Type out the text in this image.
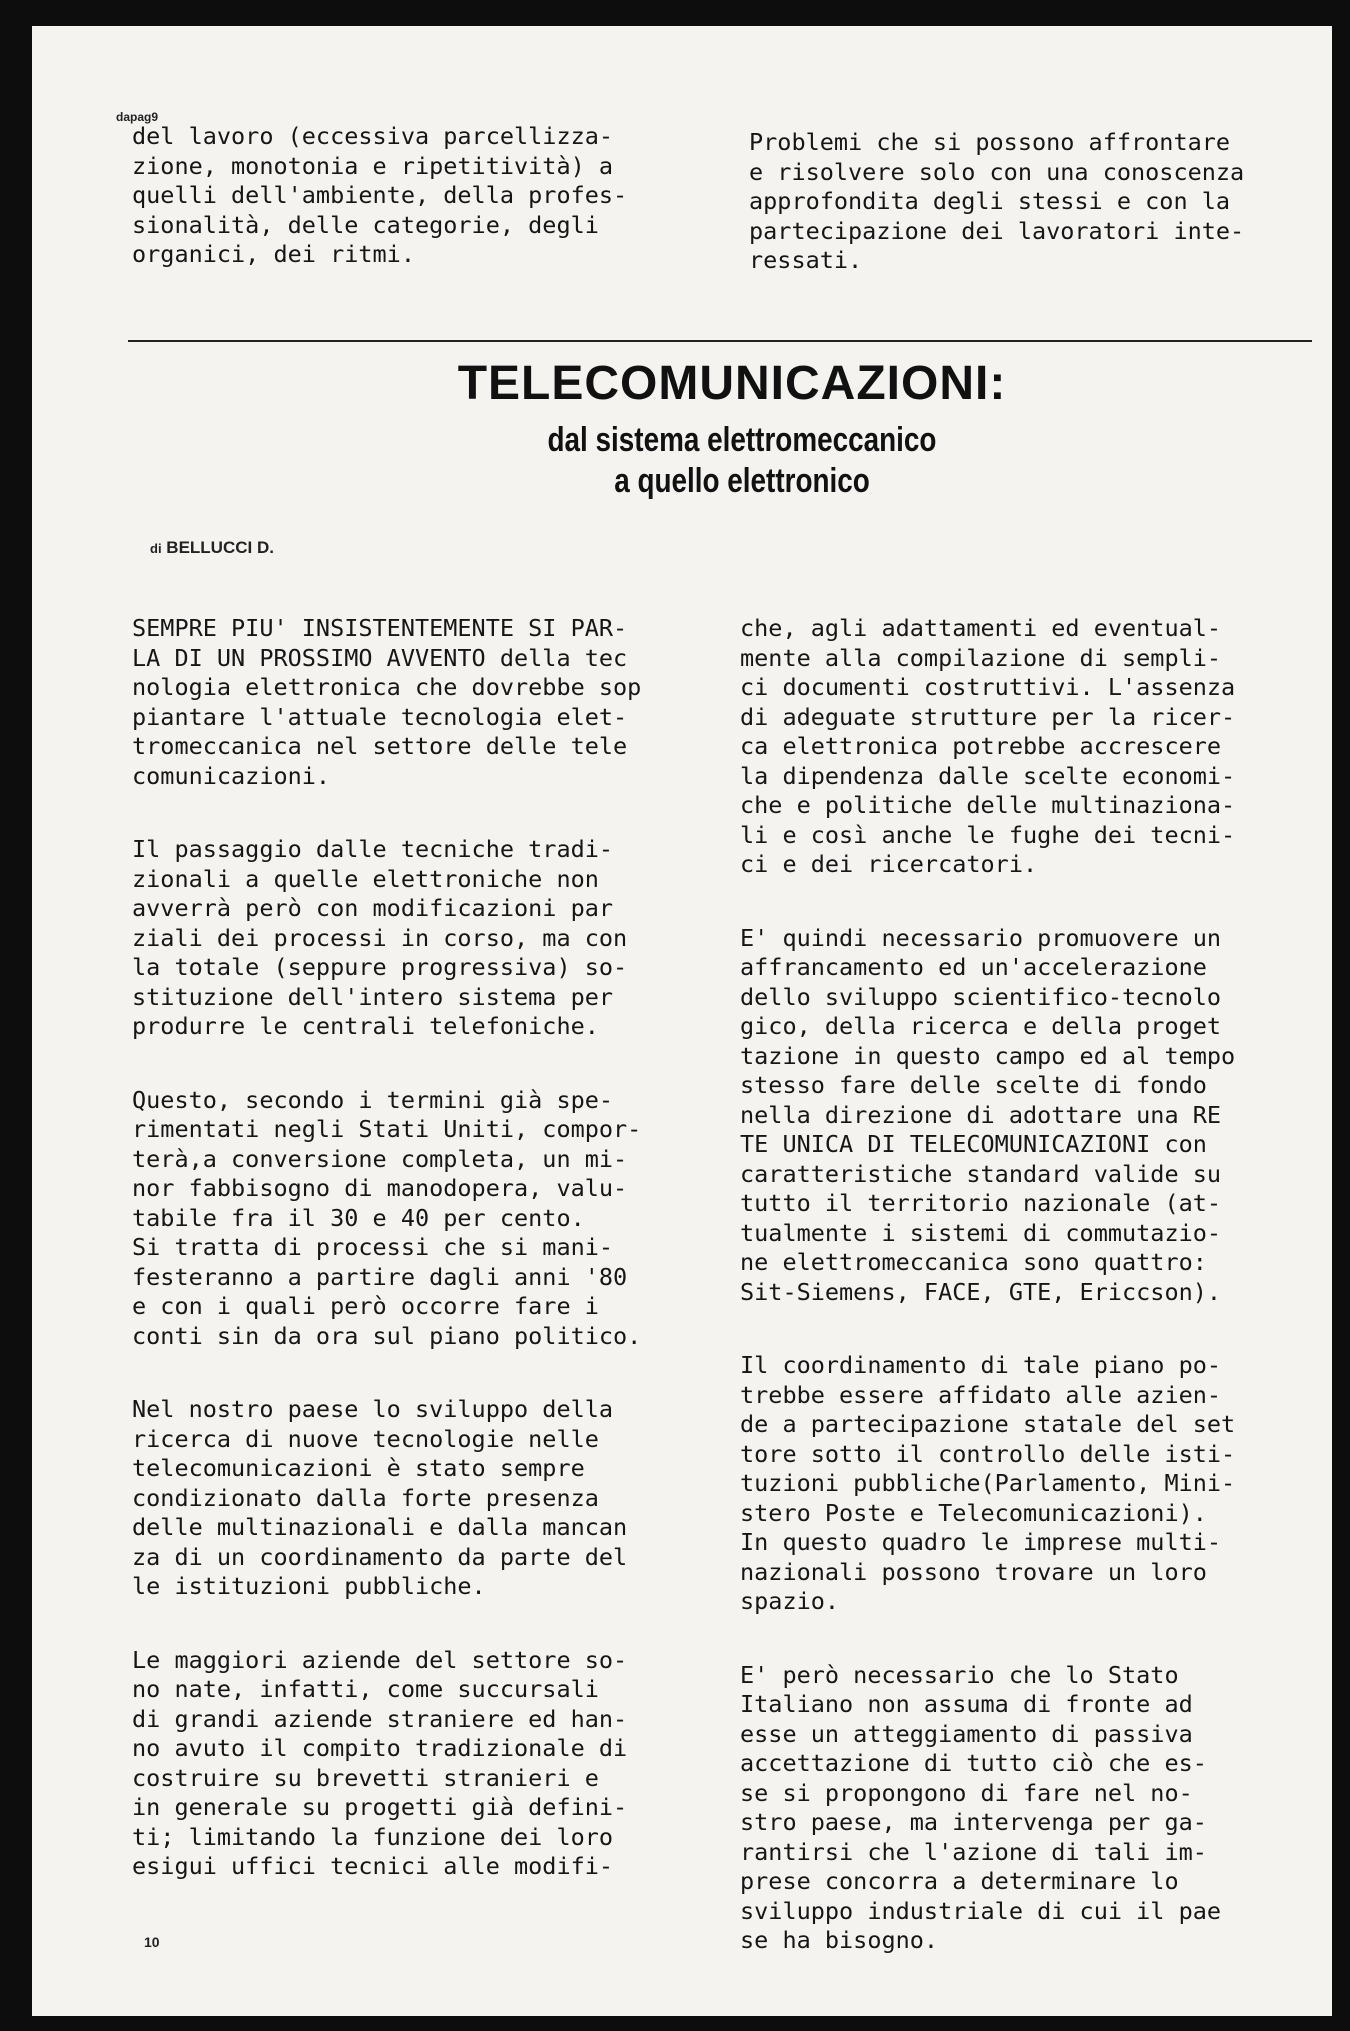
dapag9

del lavoro (eccessiva parcellizza-
zione, monotonia e ripetitività) a
quelli dell'ambiente, della profes-
sionalità, delle categorie, degli
organici, dei ritmi.

Problemi che si possono affrontare
e risolvere solo con una conoscenza
approfondita degli stessi e con la
partecipazione dei lavoratori inte-
ressati.

TELECOMUNICAZIONI:
dal sistema elettromeccanico
a quello elettronico
di BELLUCCI D.

SEMPRE PIU' INSISTENTEMENTE SI PAR-
LA DI UN PROSSIMO AVVENTO della tec
nologia elettronica che dovrebbe sop
piantare l'attuale tecnologia elet-
tromeccanica nel settore delle tele
comunicazioni.

Il passaggio dalle tecniche tradi-
zionali a quelle elettroniche non
avverrà però con modificazioni par
ziali dei processi in corso, ma con
la totale (seppure progressiva) so-
stituzione dell'intero sistema per
produrre le centrali telefoniche.

Questo, secondo i termini già spe-
rimentati negli Stati Uniti, compor-
terà,a conversione completa, un mi-
nor fabbisogno di manodopera, valu-
tabile fra il 30 e 40 per cento.
Si tratta di processi che si mani-
festeranno a partire dagli anni '80
e con i quali però occorre fare i
conti sin da ora sul piano politico.

Nel nostro paese lo sviluppo della
ricerca di nuove tecnologie nelle
telecomunicazioni è stato sempre
condizionato dalla forte presenza
delle multinazionali e dalla mancan
za di un coordinamento da parte del
le istituzioni pubbliche.

Le maggiori aziende del settore so-
no nate, infatti, come succursali
di grandi aziende straniere ed han-
no avuto il compito tradizionale di
costruire su brevetti stranieri e
in generale su progetti già defini-
ti; limitando la funzione dei loro
esigui uffici tecnici alle modifi-

che, agli adattamenti ed eventual-
mente alla compilazione di sempli-
ci documenti costruttivi. L'assenza
di adeguate strutture per la ricer-
ca elettronica potrebbe accrescere
la dipendenza dalle scelte economi-
che e politiche delle multinaziona-
li e così anche le fughe dei tecni-
ci e dei ricercatori.

E' quindi necessario promuovere un
affrancamento ed un'accelerazione
dello sviluppo scientifico-tecnolo
gico, della ricerca e della proget
tazione in questo campo ed al tempo
stesso fare delle scelte di fondo
nella direzione di adottare una RE
TE UNICA DI TELECOMUNICAZIONI con
caratteristiche standard valide su
tutto il territorio nazionale (at-
tualmente i sistemi di commutazio-
ne elettromeccanica sono quattro:
Sit-Siemens, FACE, GTE, Ericcson).

Il coordinamento di tale piano po-
trebbe essere affidato alle azien-
de a partecipazione statale del set
tore sotto il controllo delle isti-
tuzioni pubbliche(Parlamento, Mini-
stero Poste e Telecomunicazioni).
In questo quadro le imprese multi-
nazionali possono trovare un loro
spazio.

E' però necessario che lo Stato
Italiano non assuma di fronte ad
esse un atteggiamento di passiva
accettazione di tutto ciò che es-
se si propongono di fare nel no-
stro paese, ma intervenga per ga-
rantirsi che l'azione di tali im-
prese concorra a determinare lo
sviluppo industriale di cui il pae
se ha bisogno.

10
